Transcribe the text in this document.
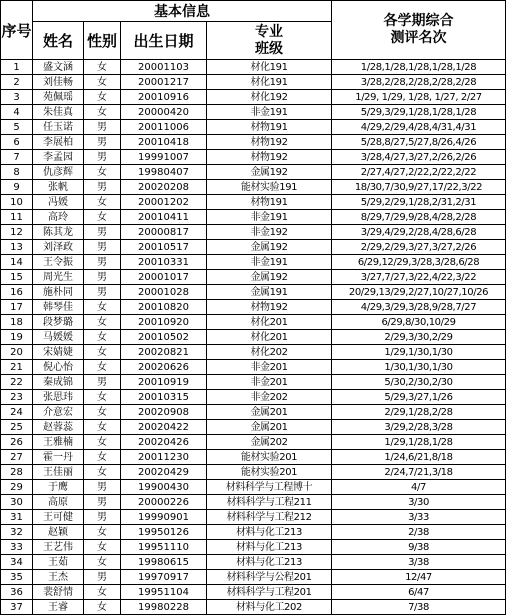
序号	基本信息				各学期综合
测评名次

	姓名	性别	出生日期	专业
班级	

1	盛文涵	女	20001103	材化191	1/28,1/28,1/28,1/28,1/28
2	刘佳畅	女	20001217	材化191	3/28,2/28,2/28,2/28,2/28
3	苑佩瑶	女	20010916	材化192	1/29, 1/29, 1/28, 1/27, 2/27
4	朱佳真	女	20000420	非金191	5/29,3/29,1/28,1/28,1/28
5	任玉诺	男	20011006	材物191	4/29,2/29,4/28,4/31,4/31
6	李展柏	男	20010418	材物192	5/28,8/27,5/27,8/26,4/26
7	李孟园	男	19991007	材物192	3/28,4/27,3/27,2/26,2/26
8	仇彦辉	女	19980407	金属192	2/27,4/27,2/22,2/22,2/22
9	张帆	男	20020208	能材实验191	18/30,7/30,9/27,17/22,3/22
10	冯媛	女	20001202	材物191	5/29,2/29,1/28,2/31,2/31
11	高玲	女	20010411	非金191	8/29,7/29,9/28,4/28,2/28
12	陈其龙	男	20000817	非金192	3/29,4/29,2/28,4/28,6/28
13	刘泽政	男	20010517	金属192	2/29,2/29,3/27,3/27,2/26
14	王令振	男	20010331	非金191	6/29,12/29,3/28,3/28,6/28
15	周光生	男	20001017	金属192	3/27,7/27,3/22,4/22,3/22
16	施朴同	男	20001028	金属191	20/29,13/29,2/27,10/27,10/26
17	韩琴佳	女	20010820	材物192	4/29,3/29,3/28,9/28,7/27
18	段梦璐	女	20010920	材化201	6/29,8/30,10/29
19	马媛媛	女	20010502	材化201	2/29,3/30,2/29
20	宋婧婕	女	20020821	材化202	1/29,1/30,1/30
21	倪心怡	女	20020626	非金201	1/30,1/30,1/30
22	秦成锦	男	20010919	非金201	5/30,2/30,2/30
23	张思玮	女	20010315	非金202	5/29,3/27,1/26
24	介意宏	女	20020908	金属201	2/29,1/28,2/28
25	赵蓉蕊	女	20020422	金属201	3/29,2/28,3/28
26	王雅楠	女	20020426	金属202	1/29,1/28,1/28
27	霍一丹	女	20011230	能材实验201	1/24,6/21,8/18
28	王佳丽	女	20020429	能材实验201	2/24,7/21,3/18
29	于鹰	男	19900430	材料科学与工程博十	4/7
30	高原	男	20000226	材料科学与工程211	3/30
31	王可健	男	19990901	材料科学与工程212	3/33
32	赵颖	女	19950126	材料与化工213	2/38
33	王艺伟	女	19951110	材料与化工213	9/38
34	王茹	女	19980615	材料与化工213	3/38
35	王杰	男	19970917	材料科学与公程201	12/47
36	裴舒情	女	19951104	材料科学与工程201	6/47
37	王睿	女	19980228	材料与化工202	7/38
